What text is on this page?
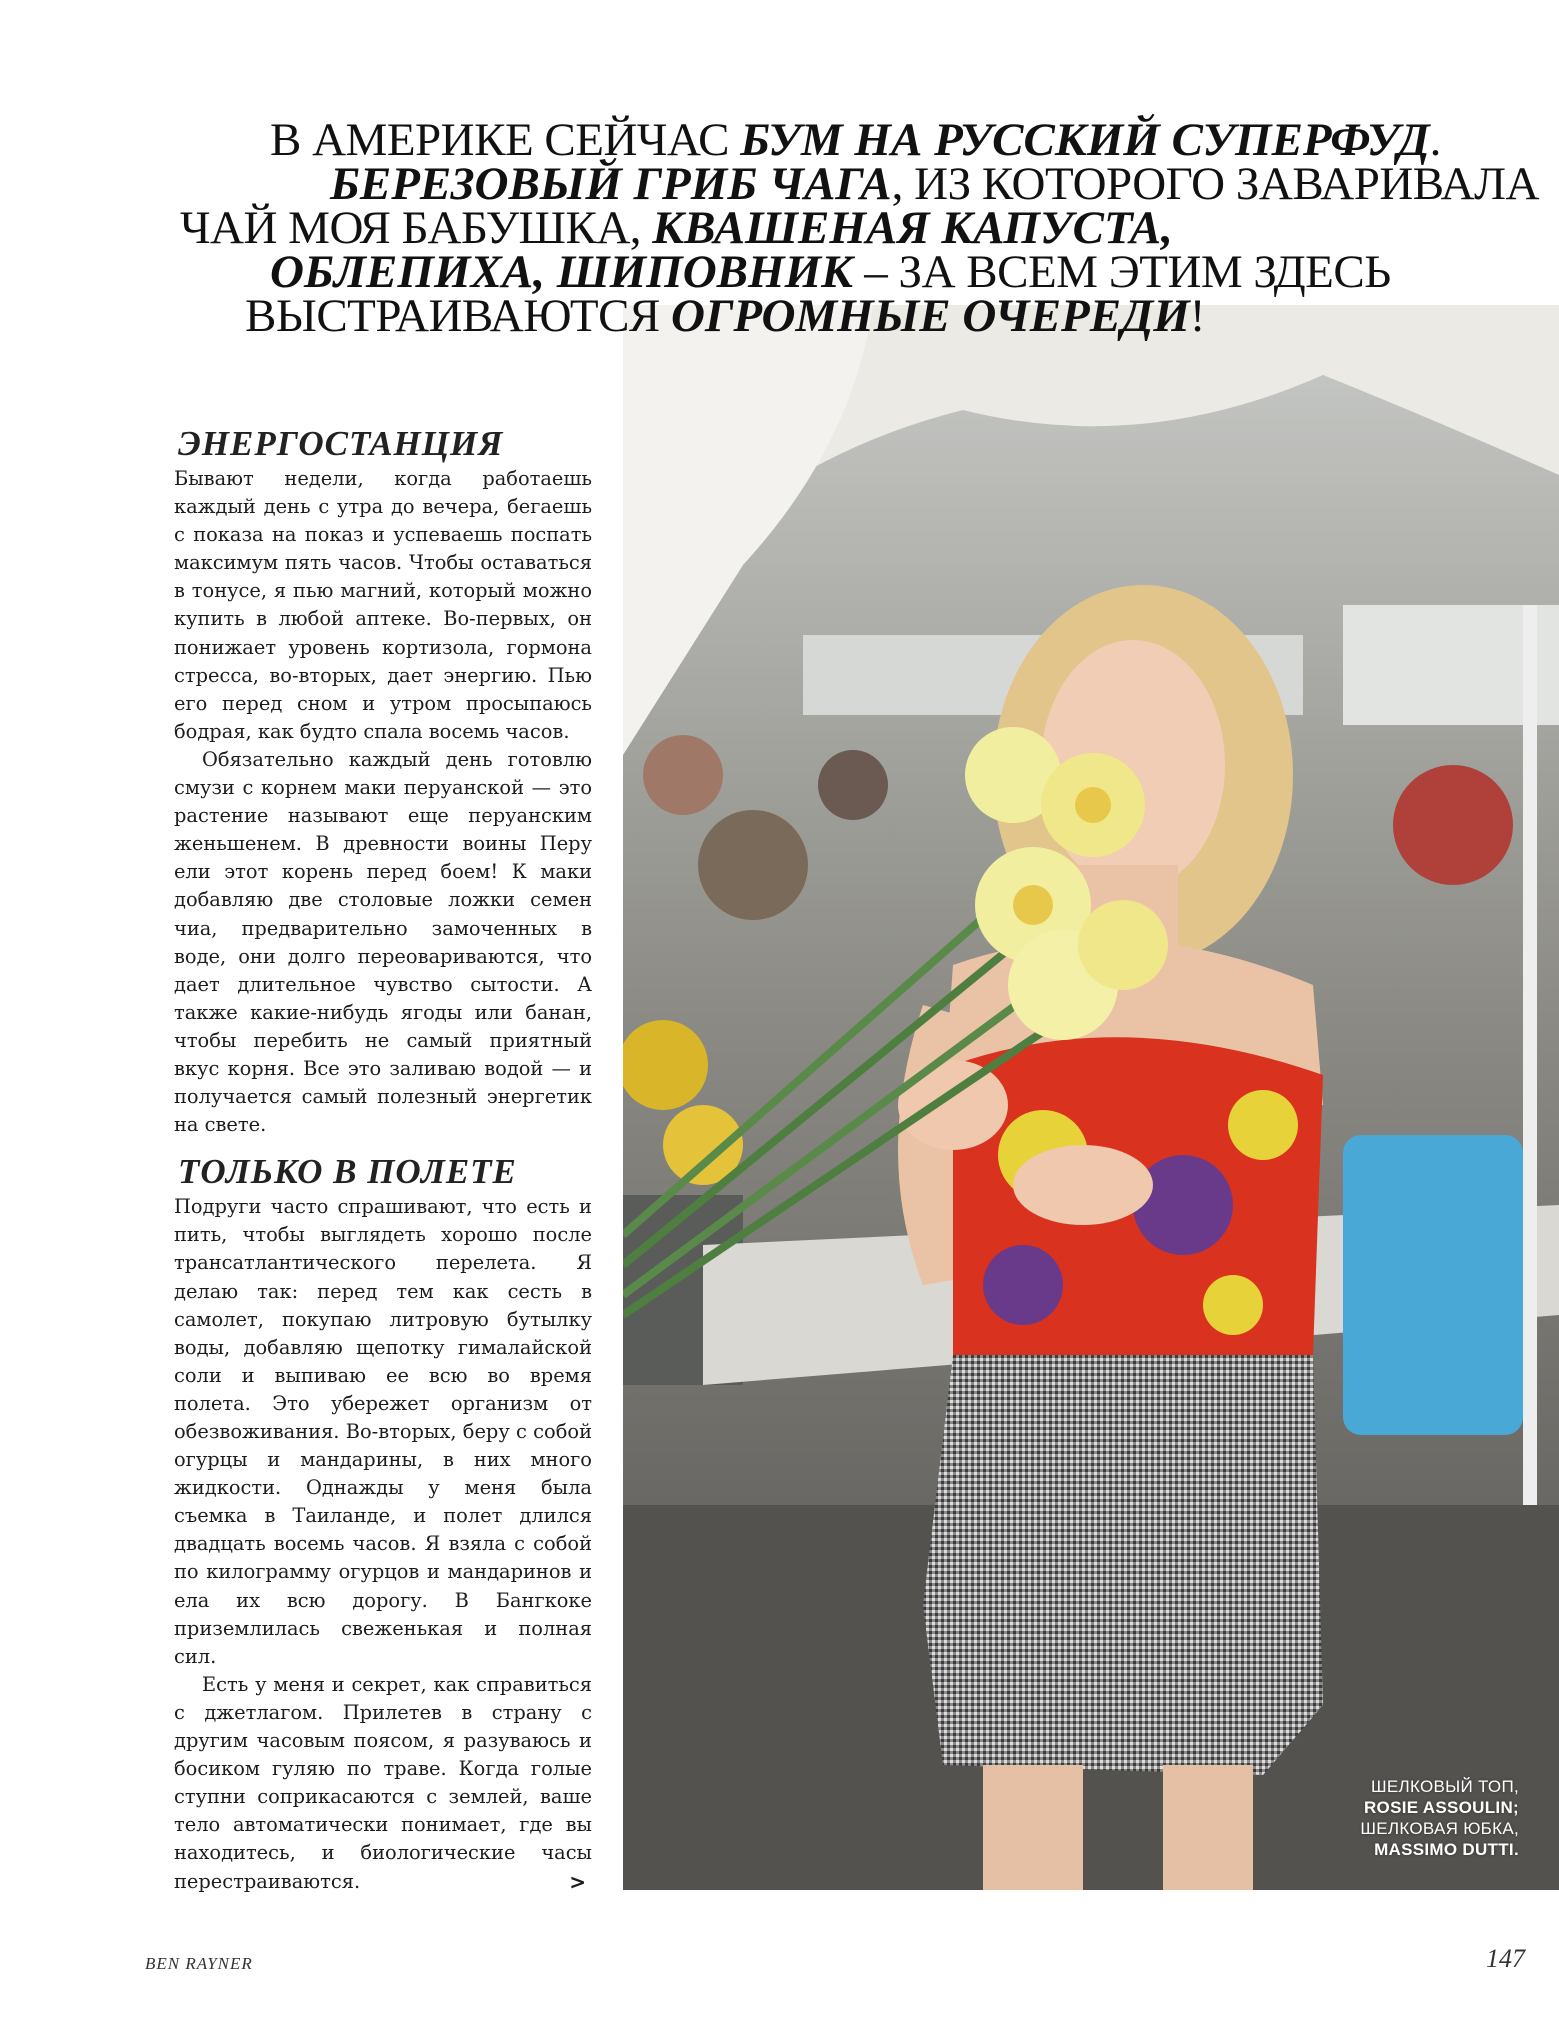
В АМЕРИКЕ СЕЙЧАС БУМ НА РУССКИЙ СУПЕРФУД.
БЕРЕЗОВЫЙ ГРИБ ЧАГА, ИЗ КОТОРОГО ЗАВАРИВАЛА
ЧАЙ МОЯ БАБУШКА, КВАШЕНАЯ КАПУСТА,
ОБЛЕПИХА, ШИПОВНИК – ЗА ВСЕМ ЭТИМ ЗДЕСЬ
ВЫСТРАИВАЮТСЯ ОГРОМНЫЕ ОЧЕРЕДИ!
ШЕЛКОВЫЙ ТОП,
ROSIE ASSOULIN;
ШЕЛКОВАЯ ЮБКА,
MASSIMO DUTTI.
ЭНЕРГОСТАНЦИЯ

Бывают недели, когда работаешь каждый день с утра до вечера, бегаешь с показа на показ и успеваешь поспать максимум пять часов. Чтобы оставаться в тонусе, я пью магний, который можно купить в любой аптеке. Во-первых, он понижает уровень кортизола, гормона стресса, во-вторых, дает энергию. Пью его перед сном и утром просыпаюсь бодрая, как будто спала восемь часов.

Обязательно каждый день готовлю смузи с корнем маки перуанской — это растение называют еще перуанским женьшенем. В древности воины Перу ели этот корень перед боем! К маки добавляю две столовые ложки семен чиа, предварительно замоченных в воде, они долго переовариваются, что дает длительное чувство сытости. А также какие-нибудь ягоды или банан, чтобы перебить не самый приятный вкус корня. Все это заливаю водой — и получается самый полезный энергетик на свете.

ТОЛЬКО В ПОЛЕТЕ

Подруги часто спрашивают, что есть и пить, чтобы выглядеть хорошо после трансатлантического перелета. Я делаю так: перед тем как сесть в самолет, покупаю литровую бутылку воды, добавляю щепотку гималайской соли и выпиваю ее всю во время полета. Это убережет организм от обезвоживания. Во-вторых, беру с собой огурцы и мандарины, в них много жидкости. Однажды у меня была съемка в Таиланде, и полет длился двадцать восемь часов. Я взяла с собой по килограмму огурцов и мандаринов и ела их всю дорогу. В Бангкоке приземлилась свеженькая и полная сил.

Есть у меня и секрет, как справиться с джетлагом. Прилетев в страну с другим часовым поясом, я разуваюсь и босиком гуляю по траве. Когда голые ступни соприкасаются с землей, ваше тело автоматически понимает, где вы находитесь, и биологические часы перестраиваются.	>

BEN RAYNER	147
